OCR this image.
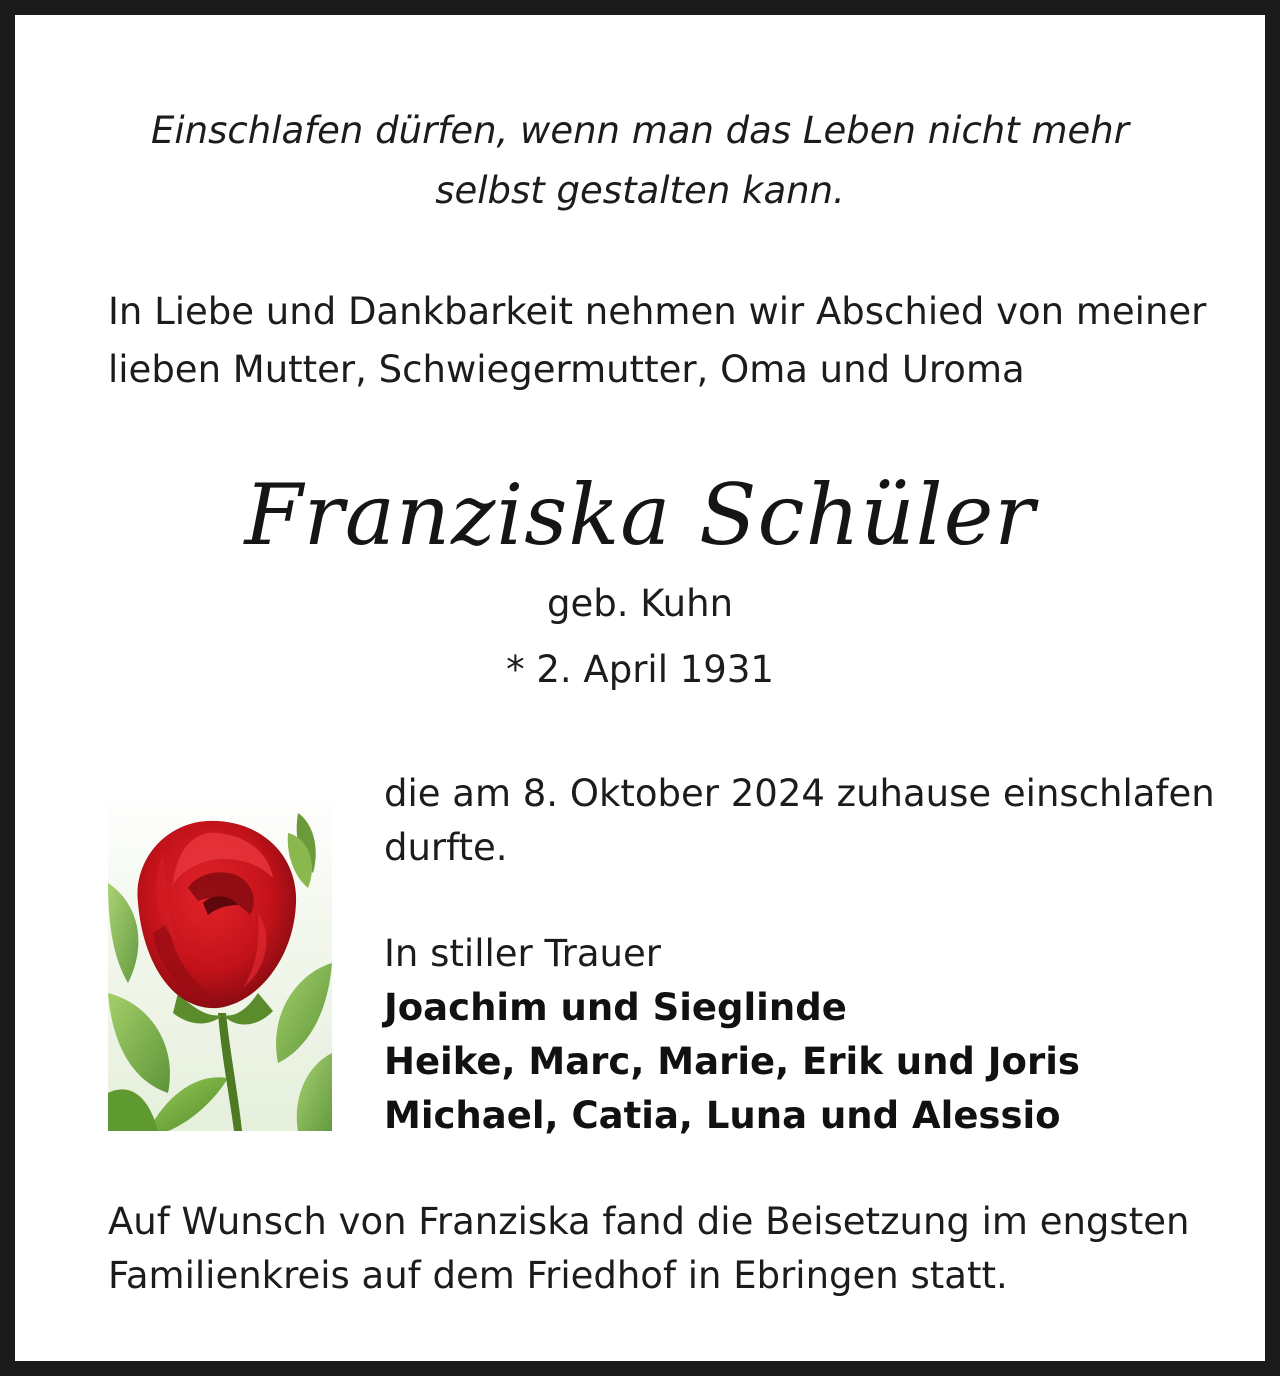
Einschlafen dürfen, wenn man das Leben nicht mehr
selbst gestalten kann.
In Liebe und Dankbarkeit nehmen wir Abschied von meiner
lieben Mutter, Schwiegermutter, Oma und Uroma
Franziska Schüler
geb. Kuhn
* 2. April 1931
die am 8. Oktober 2024 zuhause einschlafen
durfte.
In stiller Trauer
Joachim und Sieglinde
Heike, Marc, Marie, Erik und Joris
Michael, Catia, Luna und Alessio
Auf Wunsch von Franziska fand die Beisetzung im engsten
Familienkreis auf dem Friedhof in Ebringen statt.
